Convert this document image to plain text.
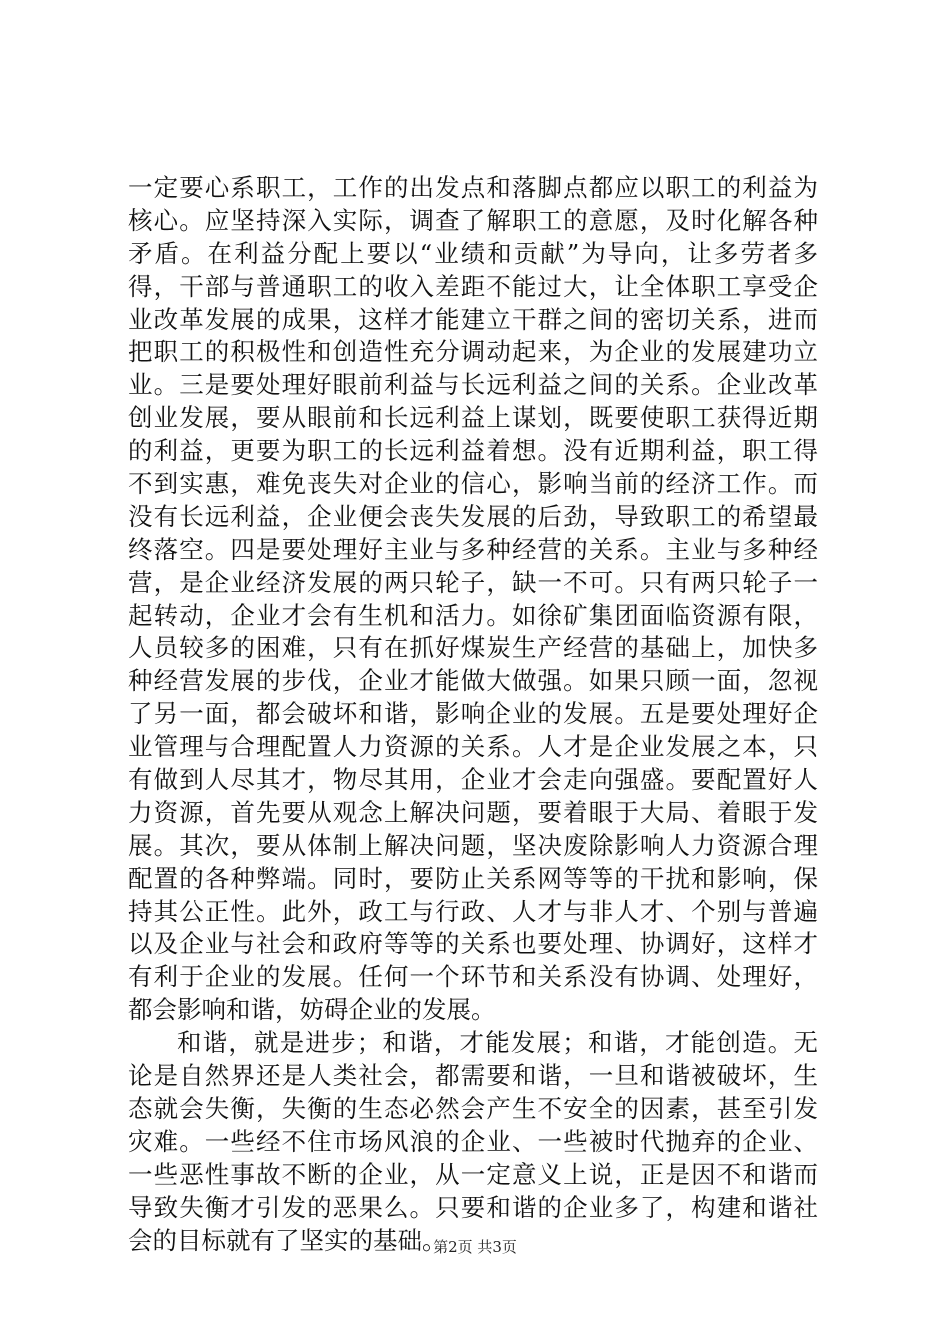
一定要心系职工，工作的出发点和落脚点都应以职工的利益为
核心。应坚持深入实际，调查了解职工的意愿，及时化解各种
矛盾。在利益分配上要以“业绩和贡献”为导向，让多劳者多
得，干部与普通职工的收入差距不能过大，让全体职工享受企
业改革发展的成果，这样才能建立干群之间的密切关系，进而
把职工的积极性和创造性充分调动起来，为企业的发展建功立
业。三是要处理好眼前利益与长远利益之间的关系。企业改革
创业发展，要从眼前和长远利益上谋划，既要使职工获得近期
的利益，更要为职工的长远利益着想。没有近期利益，职工得
不到实惠，难免丧失对企业的信心，影响当前的经济工作。而
没有长远利益，企业便会丧失发展的后劲，导致职工的希望最
终落空。四是要处理好主业与多种经营的关系。主业与多种经
营，是企业经济发展的两只轮子，缺一不可。只有两只轮子一
起转动，企业才会有生机和活力。如徐矿集团面临资源有限，
人员较多的困难，只有在抓好煤炭生产经营的基础上，加快多
种经营发展的步伐，企业才能做大做强。如果只顾一面，忽视
了另一面，都会破坏和谐，影响企业的发展。五是要处理好企
业管理与合理配置人力资源的关系。人才是企业发展之本，只
有做到人尽其才，物尽其用，企业才会走向强盛。要配置好人
力资源，首先要从观念上解决问题，要着眼于大局、着眼于发
展。其次，要从体制上解决问题，坚决废除影响人力资源合理
配置的各种弊端。同时，要防止关系网等等的干扰和影响，保
持其公正性。此外，政工与行政、人才与非人才、个别与普遍
以及企业与社会和政府等等的关系也要处理、协调好，这样才
有利于企业的发展。任何一个环节和关系没有协调、处理好，
都会影响和谐，妨碍企业的发展。
和谐，就是进步；和谐，才能发展；和谐，才能创造。无
论是自然界还是人类社会，都需要和谐，一旦和谐被破坏，生
态就会失衡，失衡的生态必然会产生不安全的因素，甚至引发
灾难。一些经不住市场风浪的企业、一些被时代抛弃的企业、
一些恶性事故不断的企业，从一定意义上说，正是因不和谐而
导致失衡才引发的恶果么。只要和谐的企业多了，构建和谐社
会的目标就有了坚实的基础。
第2页 共3页
